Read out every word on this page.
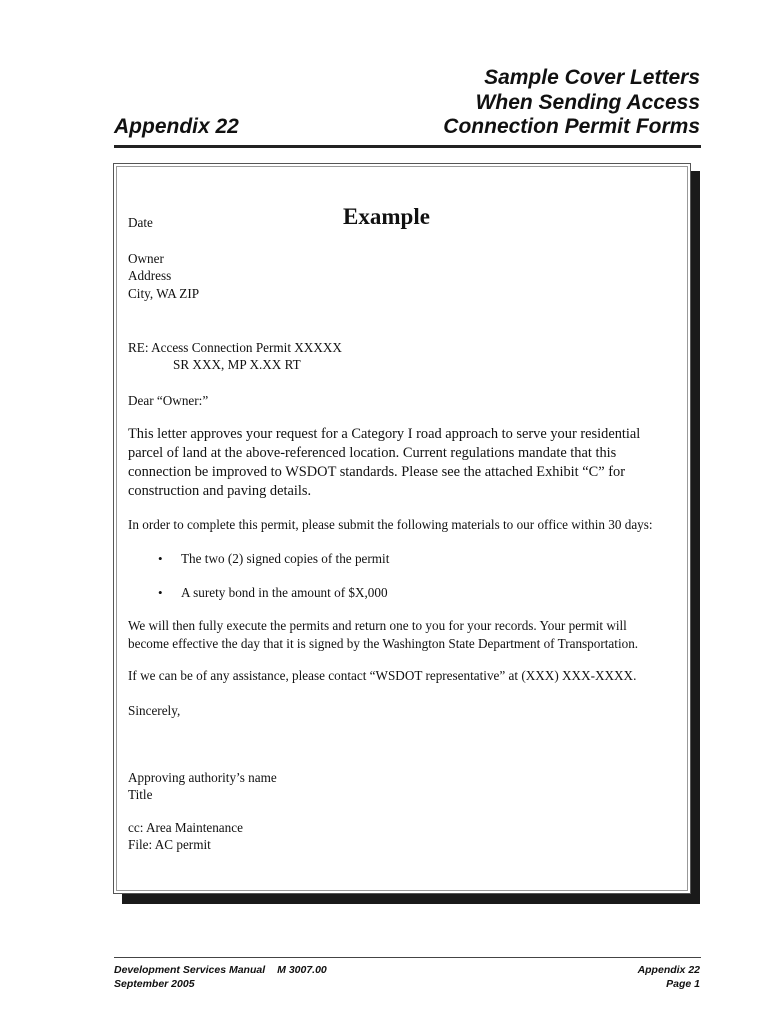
Sample Cover Letters
When Sending Access
Connection Permit Forms
Appendix 22
Example
Date
Owner
Address
City, WA ZIP
RE: Access Connection Permit XXXXX
SR XXX, MP X.XX RT
Dear “Owner:”
This letter approves your request for a Category I road approach to serve your residential
parcel of land at the above-referenced location. Current regulations mandate that this
connection be improved to WSDOT standards. Please see the attached Exhibit “C” for
construction and paving details.
In order to complete this permit, please submit the following materials to our office within 30 days:
• The two (2) signed copies of the permit
• A surety bond in the amount of $X,000
We will then fully execute the permits and return one to you for your records. Your permit will
become effective the day that it is signed by the Washington State Department of Transportation.
If we can be of any assistance, please contact “WSDOT representative” at (XXX) XXX-XXXX.
Sincerely,
Approving authority’s name
Title
cc: Area Maintenance
File: AC permit
Development Services Manual M 3007.00
September 2005
Appendix 22
Page 1
